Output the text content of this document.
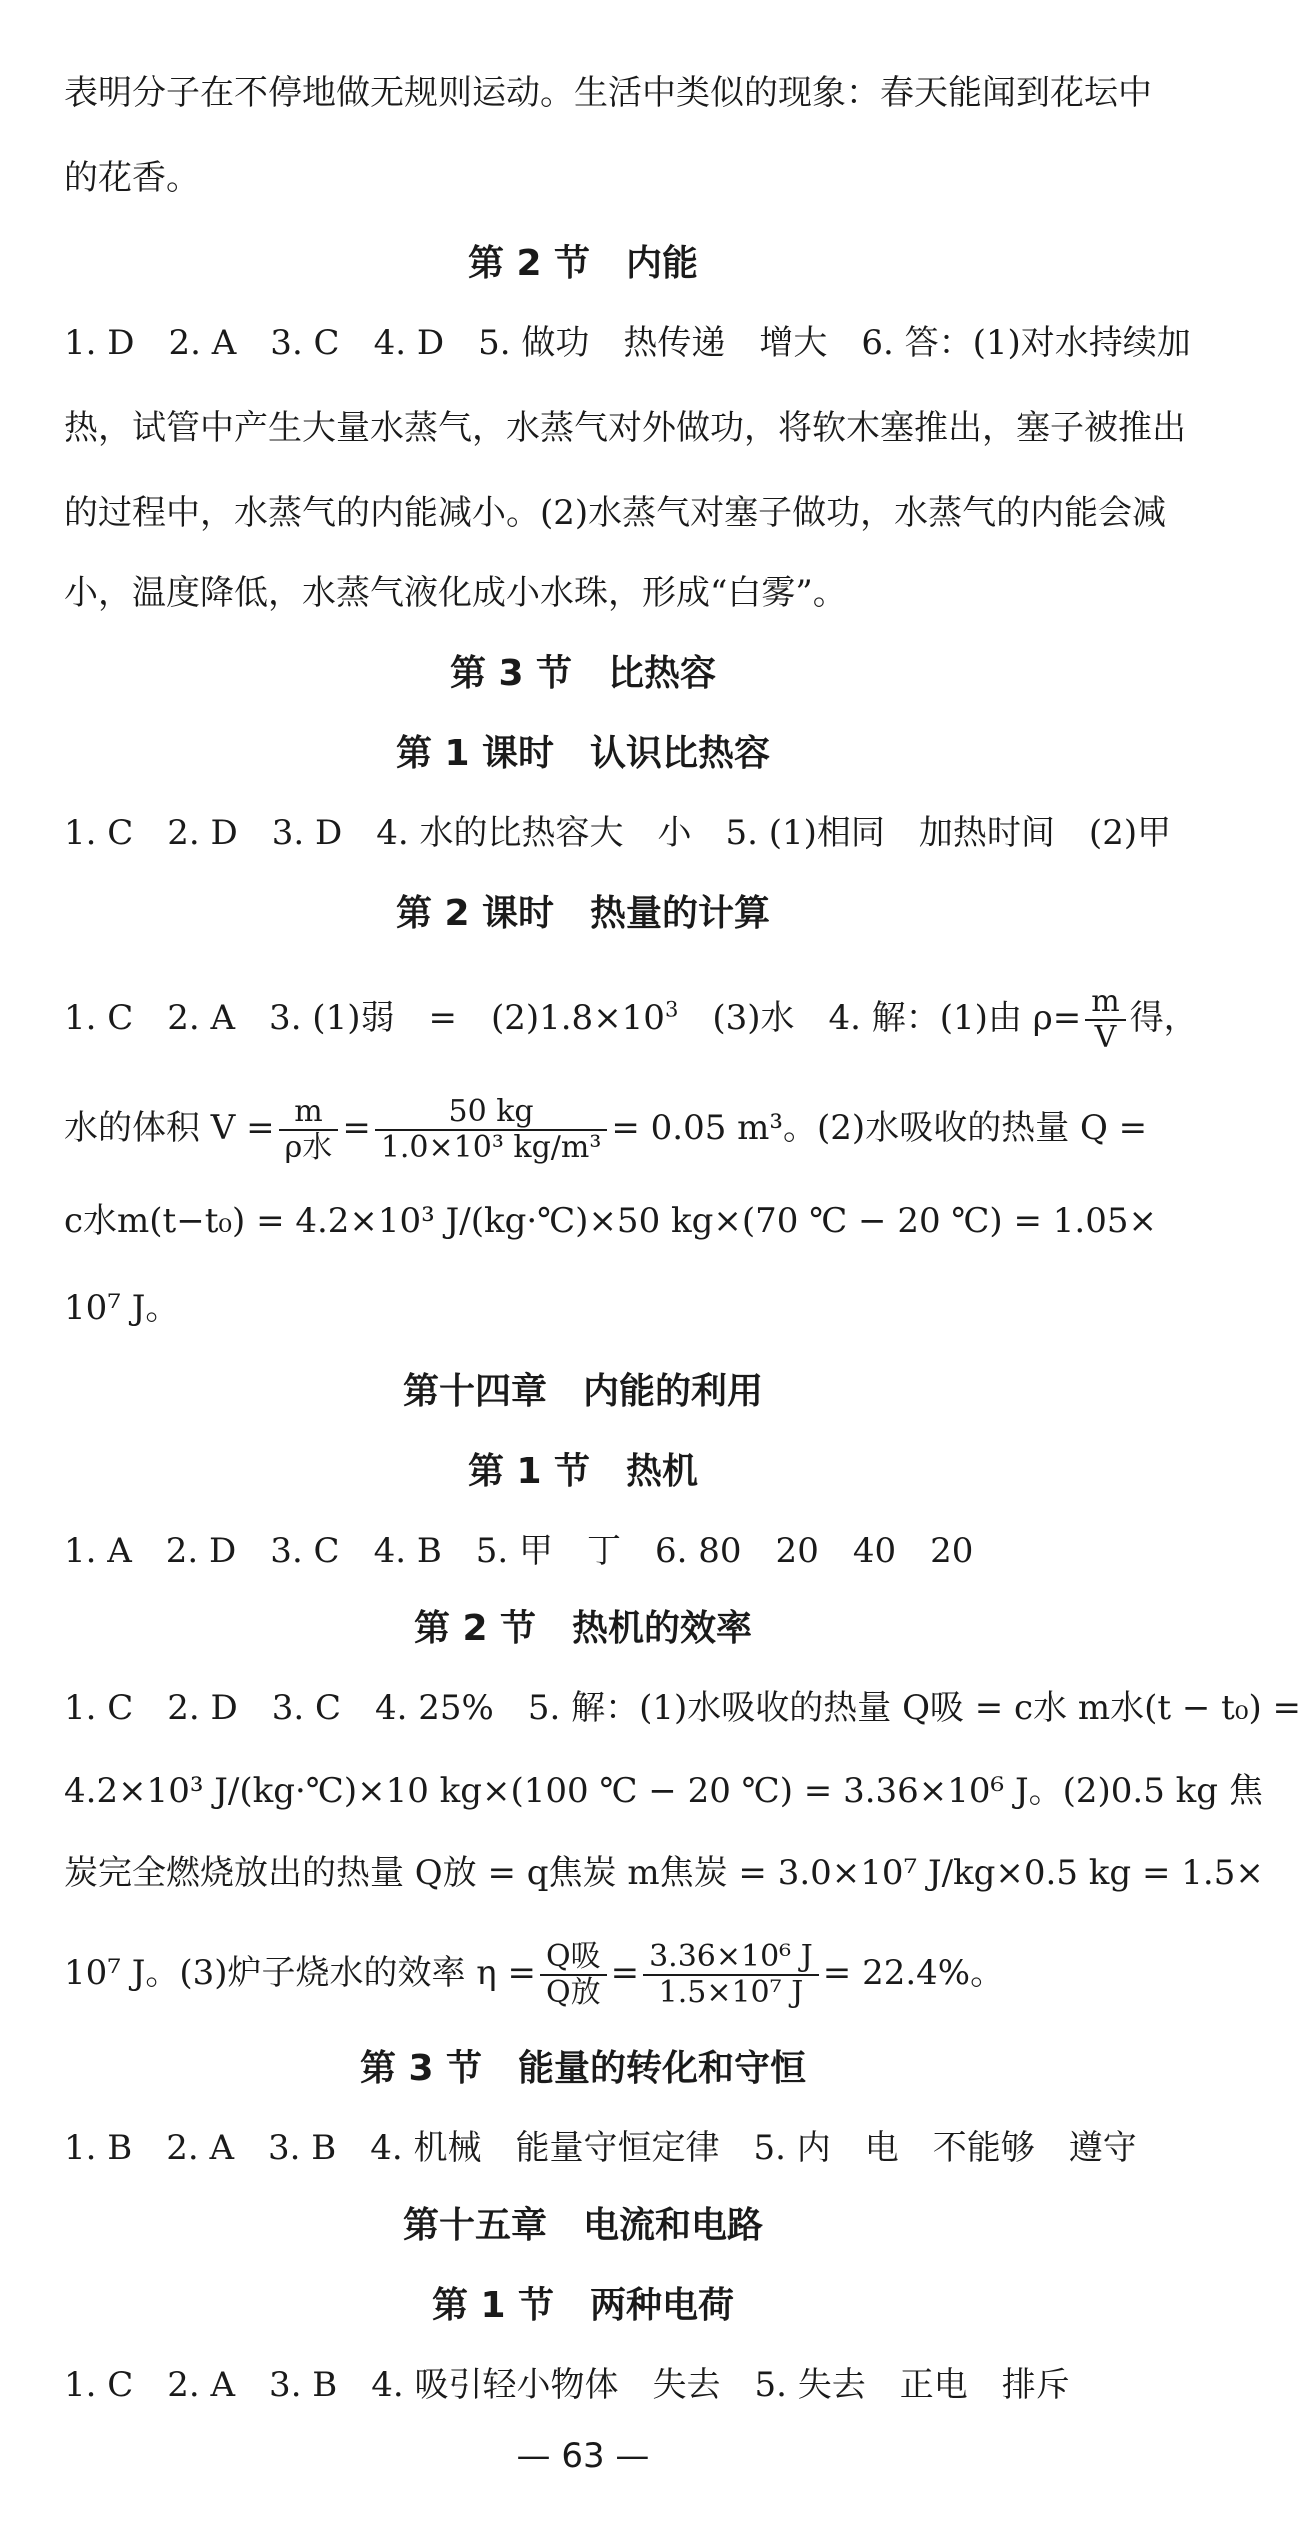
表明分子在不停地做无规则运动。生活中类似的现象：春天能闻到花坛中
的花香。
第 2 节　内能
1. D　2. A　3. C　4. D　5. 做功　热传递　增大　6. 答：(1)对水持续加
热，试管中产生大量水蒸气，水蒸气对外做功，将软木塞推出，塞子被推出
的过程中，水蒸气的内能减小。(2)水蒸气对塞子做功，水蒸气的内能会减
小，温度降低，水蒸气液化成小水珠，形成“白雾”。
第 3 节　比热容
第 1 课时　认识比热容
1. C　2. D　3. D　4. 水的比热容大　小　5. (1)相同　加热时间　(2)甲
第 2 课时　热量的计算
1. C　2. A　3. (1)弱　=　$(2)1.8\times 10^3$　(3)水　4. 解：(1)由 $\rho= \frac{m}{V}$ 得，
水的体积 $V = \frac{m}{\text{ρ水}} = \frac{50 kg}{\text{1.0×10³ kg/m³}} = 0.05$ m³。(2)水吸收的热量 Q =
c水m(t−t₀) = 4.2×10³ J/(kg·℃)×50 kg×(70 ℃ − 20 ℃) = 1.05×
10⁷ J。
第十四章　内能的利用
第 1 节　热机
1. A　2. D　3. C　4. B　5. 甲　丁　6. 80　20　40　20
第 2 节　热机的效率
1. C　2. D　3. C　4. 25%　5. 解：(1)水吸收的热量 Q吸 = c水 m水(t − t₀) =
4.2×10³ J/(kg·℃)×10 kg×(100 ℃ − 20 ℃) = 3.36×10⁶ J。(2)0.5 kg 焦
炭完全燃烧放出的热量 Q放 = q焦炭 m焦炭 = 3.0×10⁷ J/kg×0.5 kg = 1.5×
10⁷ J。(3)炉子烧水的效率 $\eta = \frac{\text{Q吸}}{\text{Q放}} = \frac{\text{3.36×10⁶ J}}{\text{1.5×10⁷ J}} = 22.4\%$。
第 3 节　能量的转化和守恒
1. B　2. A　3. B　4. 机械　能量守恒定律　5. 内　电　不能够　遵守
第十五章　电流和电路
第 1 节　两种电荷
1. C　2. A　3. B　4. 吸引轻小物体　失去　5. 失去　正电　排斥
— 63 —
